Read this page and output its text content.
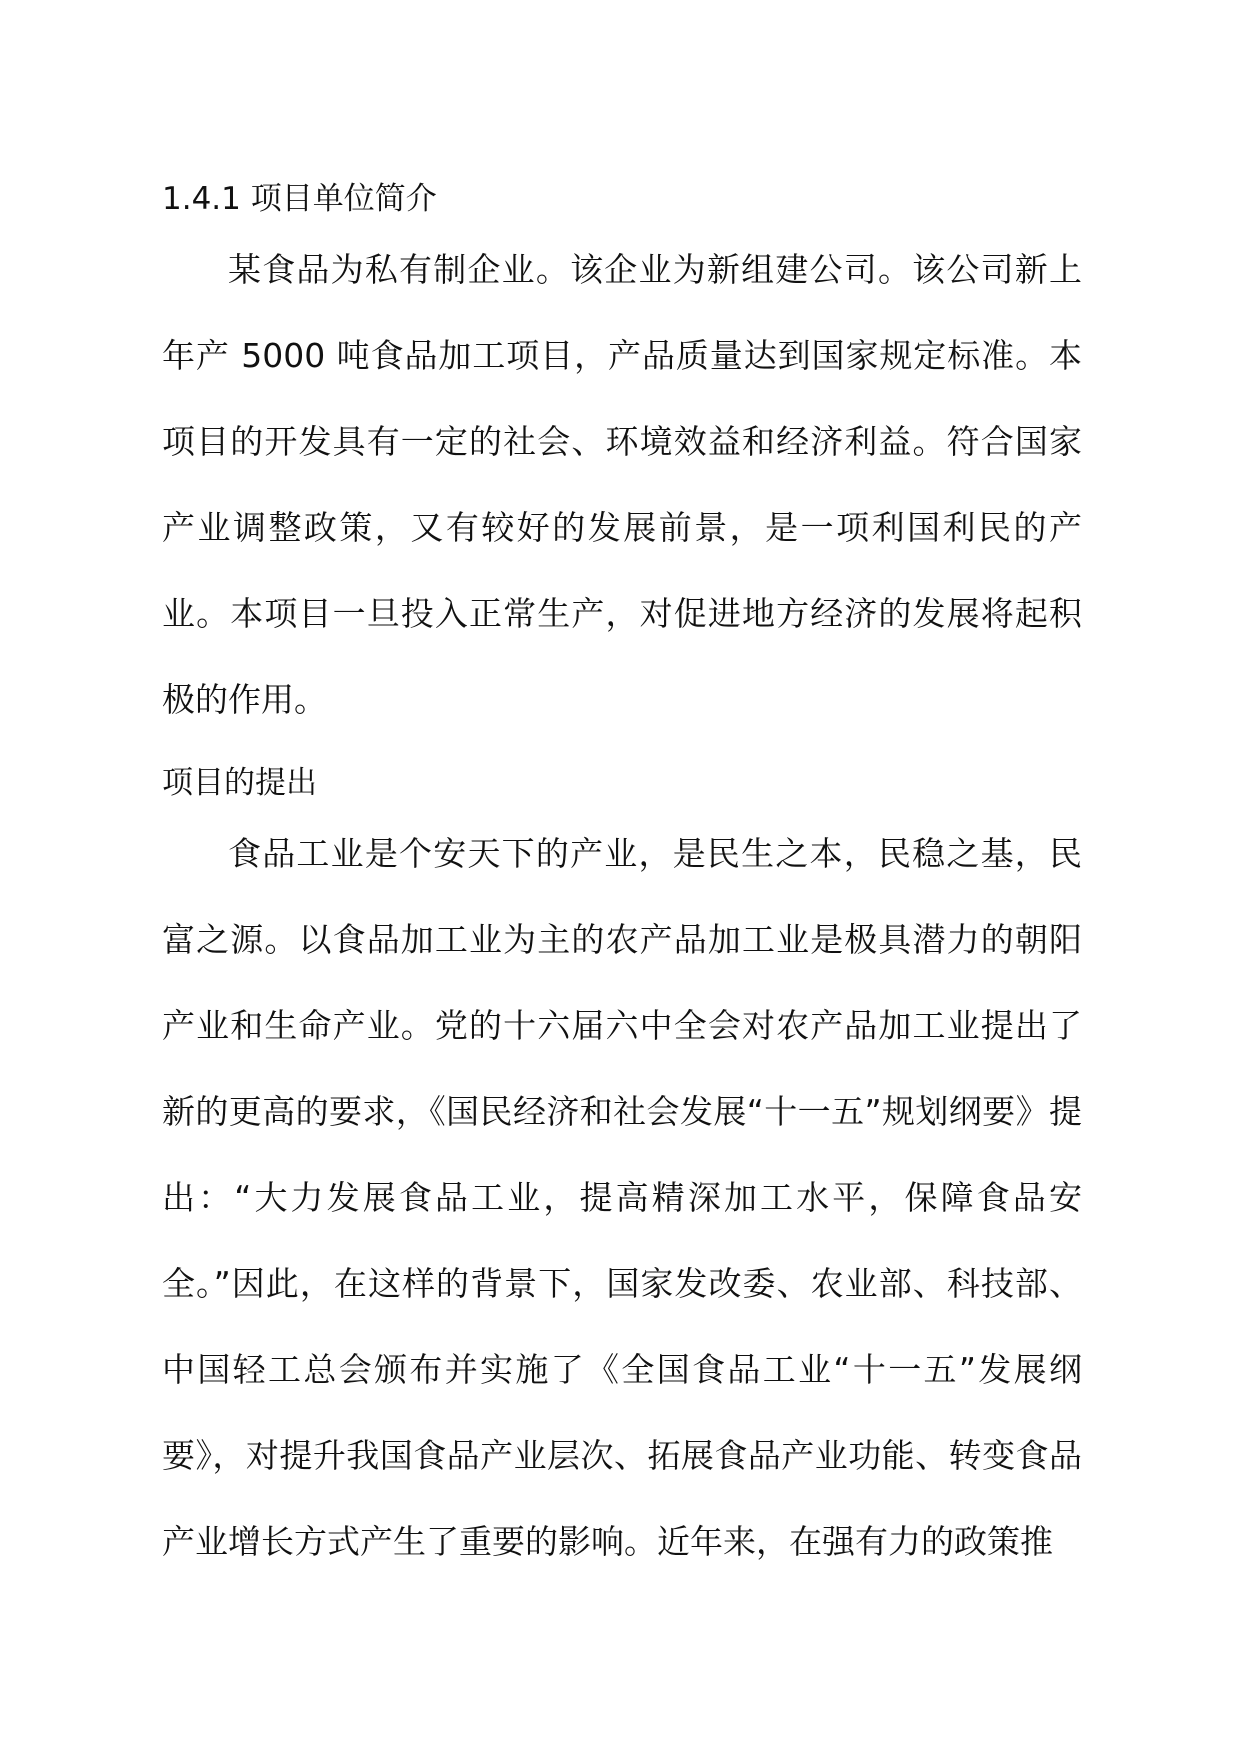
1.4.1 项目单位简介

某食品为私有制企业。该企业为新组建公司。该公司新上年产 5000 吨食品加工项目，产品质量达到国家规定标准。本项目的开发具有一定的社会、环境效益和经济利益。符合国家产业调整政策，又有较好的发展前景，是一项利国利民的产业。本项目一旦投入正常生产，对促进地方经济的发展将起积极的作用。

项目的提出

食品工业是个安天下的产业，是民生之本，民稳之基，民富之源。以食品加工业为主的农产品加工业是极具潜力的朝阳产业和生命产业。党的十六届六中全会对农产品加工业提出了新的更高的要求，《国民经济和社会发展“十一五”规划纲要》提出：“大力发展食品工业，提高精深加工水平，保障食品安全。”因此，在这样的背景下，国家发改委、农业部、科技部、中国轻工总会颁布并实施了《全国食品工业“十一五”发展纲要》，对提升我国食品产业层次、拓展食品产业功能、转变食品产业增长方式产生了重要的影响。近年来，在强有力的政策推
